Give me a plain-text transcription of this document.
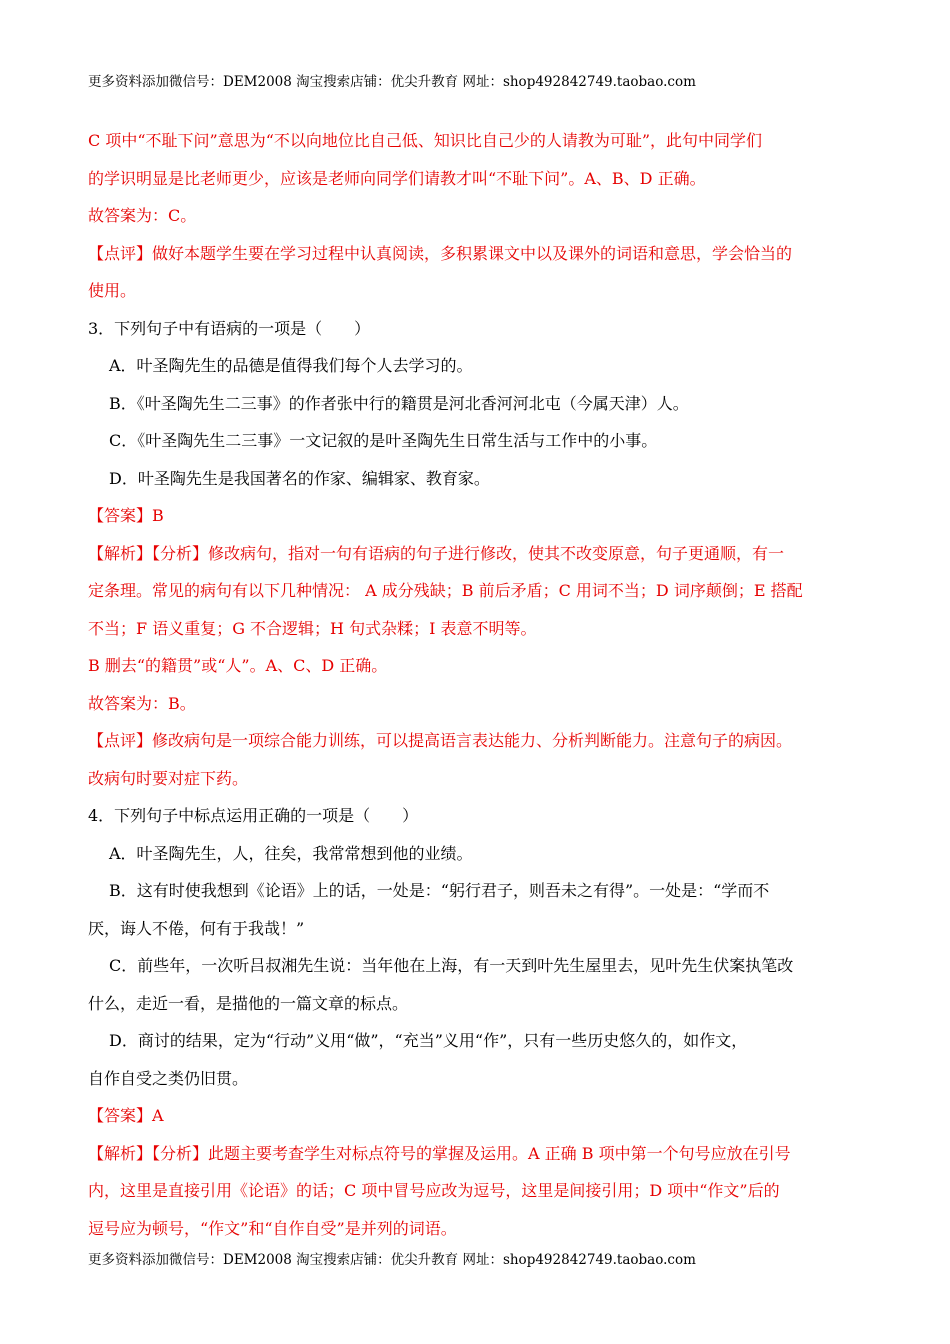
更多资料添加微信号：DEM2008 淘宝搜索店铺：优尖升教育 网址：shop492842749.taobao.com

C 项中“不耻下问”意思为“不以向地位比自己低、知识比自己少的人请教为可耻”，此句中同学们

的学识明显是比老师更少，应该是老师向同学们请教才叫“不耻下问”。A、B、D 正确。

故答案为：C。

【点评】做好本题学生要在学习过程中认真阅读，多积累课文中以及课外的词语和意思，学会恰当的

使用。

3．下列句子中有语病的一项是（　　）

A．叶圣陶先生的品德是值得我们每个人去学习的。

B．《叶圣陶先生二三事》的作者张中行的籍贯是河北香河河北屯（今属天津）人。

C．《叶圣陶先生二三事》一文记叙的是叶圣陶先生日常生活与工作中的小事。

D．叶圣陶先生是我国著名的作家、编辑家、教育家。

【答案】B

【解析】【分析】修改病句，指对一句有语病的句子进行修改，使其不改变原意，句子更通顺，有一

定条理。常见的病句有以下几种情况： A 成分残缺；B 前后矛盾；C 用词不当；D 词序颠倒；E 搭配

不当；F 语义重复；G 不合逻辑；H 句式杂糅；I 表意不明等。

B 删去“的籍贯”或“人”。A、C、D 正确。

故答案为：B。

【点评】修改病句是一项综合能力训练，可以提高语言表达能力、分析判断能力。注意句子的病因。

改病句时要对症下药。

4．下列句子中标点运用正确的一项是（　　）

A．叶圣陶先生，人，往矣，我常常想到他的业绩。

B．这有时使我想到《论语》上的话，一处是：“躬行君子，则吾未之有得”。一处是：“学而不

厌，诲人不倦，何有于我哉！”

C．前些年，一次听吕叔湘先生说：当年他在上海，有一天到叶先生屋里去，见叶先生伏案执笔改

什么，走近一看，是描他的一篇文章的标点。

D．商讨的结果，定为“行动”义用“做”，“充当”义用“作”，只有一些历史悠久的，如作文，

自作自受之类仍旧贯。

【答案】A

【解析】【分析】此题主要考查学生对标点符号的掌握及运用。A 正确 B 项中第一个句号应放在引号

内，这里是直接引用《论语》的话；C 项中冒号应改为逗号，这里是间接引用；D 项中“作文”后的

逗号应为顿号，“作文”和“自作自受”是并列的词语。

更多资料添加微信号：DEM2008 淘宝搜索店铺：优尖升教育 网址：shop492842749.taobao.com
